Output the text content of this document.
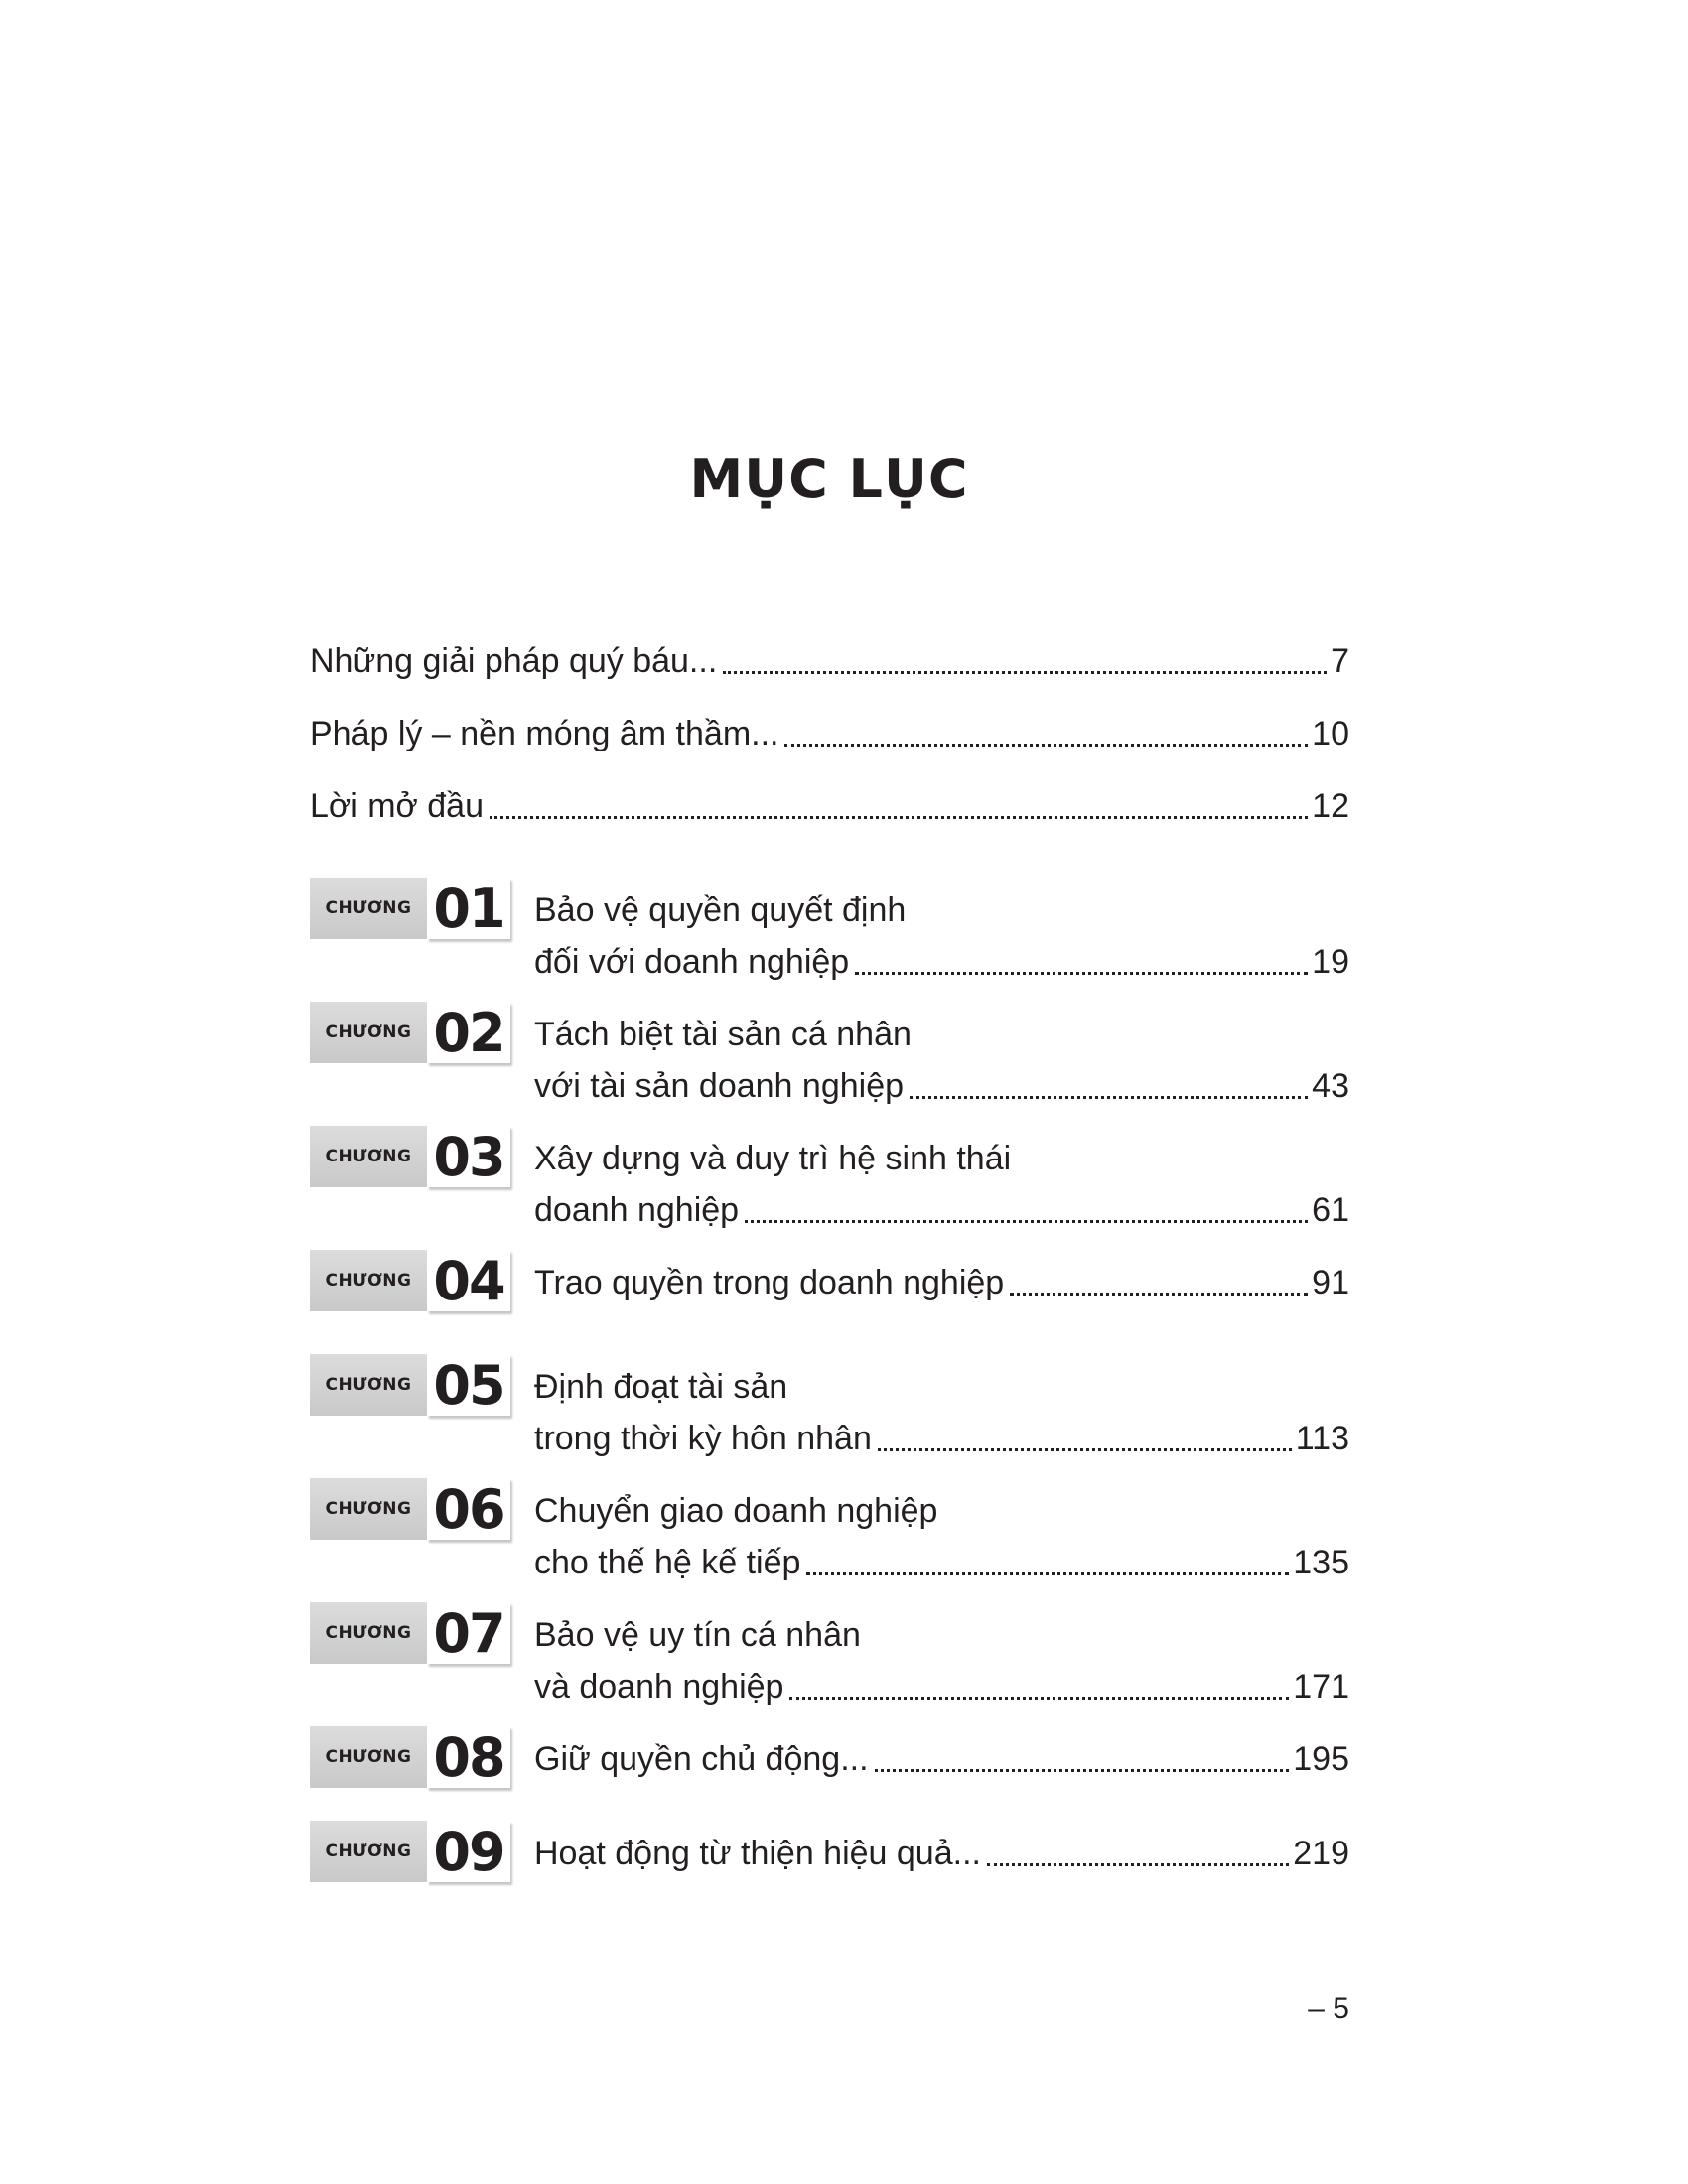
MỤC LỤC
Những giải pháp quý báu...	7
Pháp lý – nền móng âm thầm...	10
Lời mở đầu	12
CHƯƠNG 01 Bảo vệ quyền quyết định
đối với doanh nghiệp	19
CHƯƠNG 02 Tách biệt tài sản cá nhân
với tài sản doanh nghiệp	43
CHƯƠNG 03 Xây dựng và duy trì hệ sinh thái
doanh nghiệp	61
CHƯƠNG 04 Trao quyền trong doanh nghiệp	91
CHƯƠNG 05 Định đoạt tài sản
trong thời kỳ hôn nhân	113
CHƯƠNG 06 Chuyển giao doanh nghiệp
cho thế hệ kế tiếp	135
CHƯƠNG 07 Bảo vệ uy tín cá nhân
và doanh nghiệp	171
CHƯƠNG 08 Giữ quyền chủ động...	195
CHƯƠNG 09 Hoạt động từ thiện hiệu quả...	219
– 5
